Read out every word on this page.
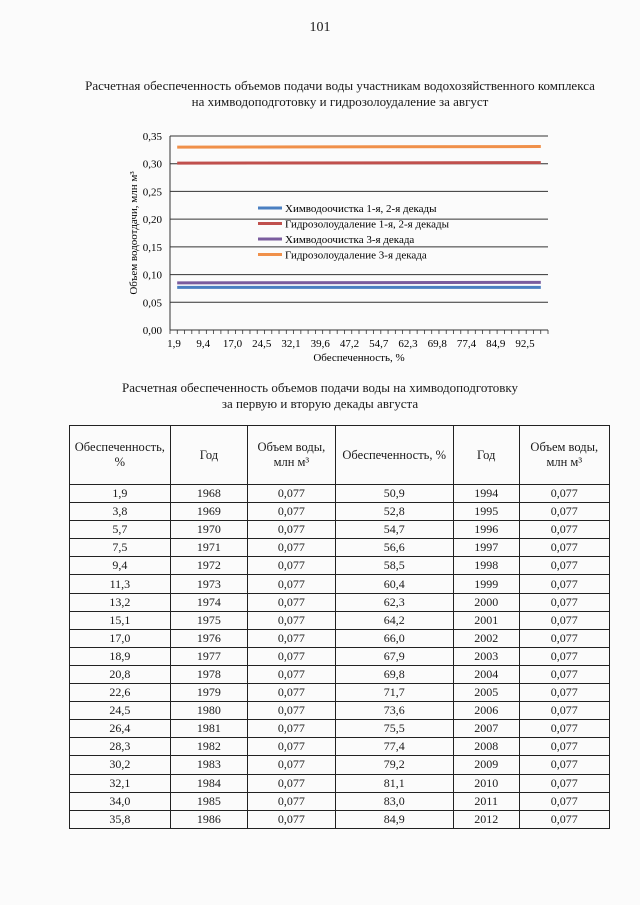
101
Расчетная обеспеченность объемов подачи воды участникам водохозяйственного комплекса
на химводоподготовку и гидрозолоудаление за август
0,00
0,05
0,10
0,15
0,20
0,25
0,30
0,35
1,9 9,4 17,0 24,5 32,1 39,6 47,2 54,7 62,3 69,8 77,4 84,9 92,5
Обеспеченность, %
Объем водоотдачи, млн м³	Химводоочистка 1-я, 2-я декады
Гидрозолоудаление 1-я, 2-я декады
Химводоочистка 3-я декада
Гидрозолоудаление 3-я декада
Расчетная обеспеченность объемов подачи воды на химводоподготовку
за первую и вторую декады августа
Обеспеченность, %	Год	Объем воды, млн м³	Обеспеченность, %	Год	Объем воды, млн м³
1,9	1968	0,077	50,9	1994	0,077
3,8	1969	0,077	52,8	1995	0,077
5,7	1970	0,077	54,7	1996	0,077
7,5	1971	0,077	56,6	1997	0,077
9,4	1972	0,077	58,5	1998	0,077
11,3	1973	0,077	60,4	1999	0,077
13,2	1974	0,077	62,3	2000	0,077
15,1	1975	0,077	64,2	2001	0,077
17,0	1976	0,077	66,0	2002	0,077
18,9	1977	0,077	67,9	2003	0,077
20,8	1978	0,077	69,8	2004	0,077
22,6	1979	0,077	71,7	2005	0,077
24,5	1980	0,077	73,6	2006	0,077
26,4	1981	0,077	75,5	2007	0,077
28,3	1982	0,077	77,4	2008	0,077
30,2	1983	0,077	79,2	2009	0,077
32,1	1984	0,077	81,1	2010	0,077
34,0	1985	0,077	83,0	2011	0,077
35,8	1986	0,077	84,9	2012	0,077
